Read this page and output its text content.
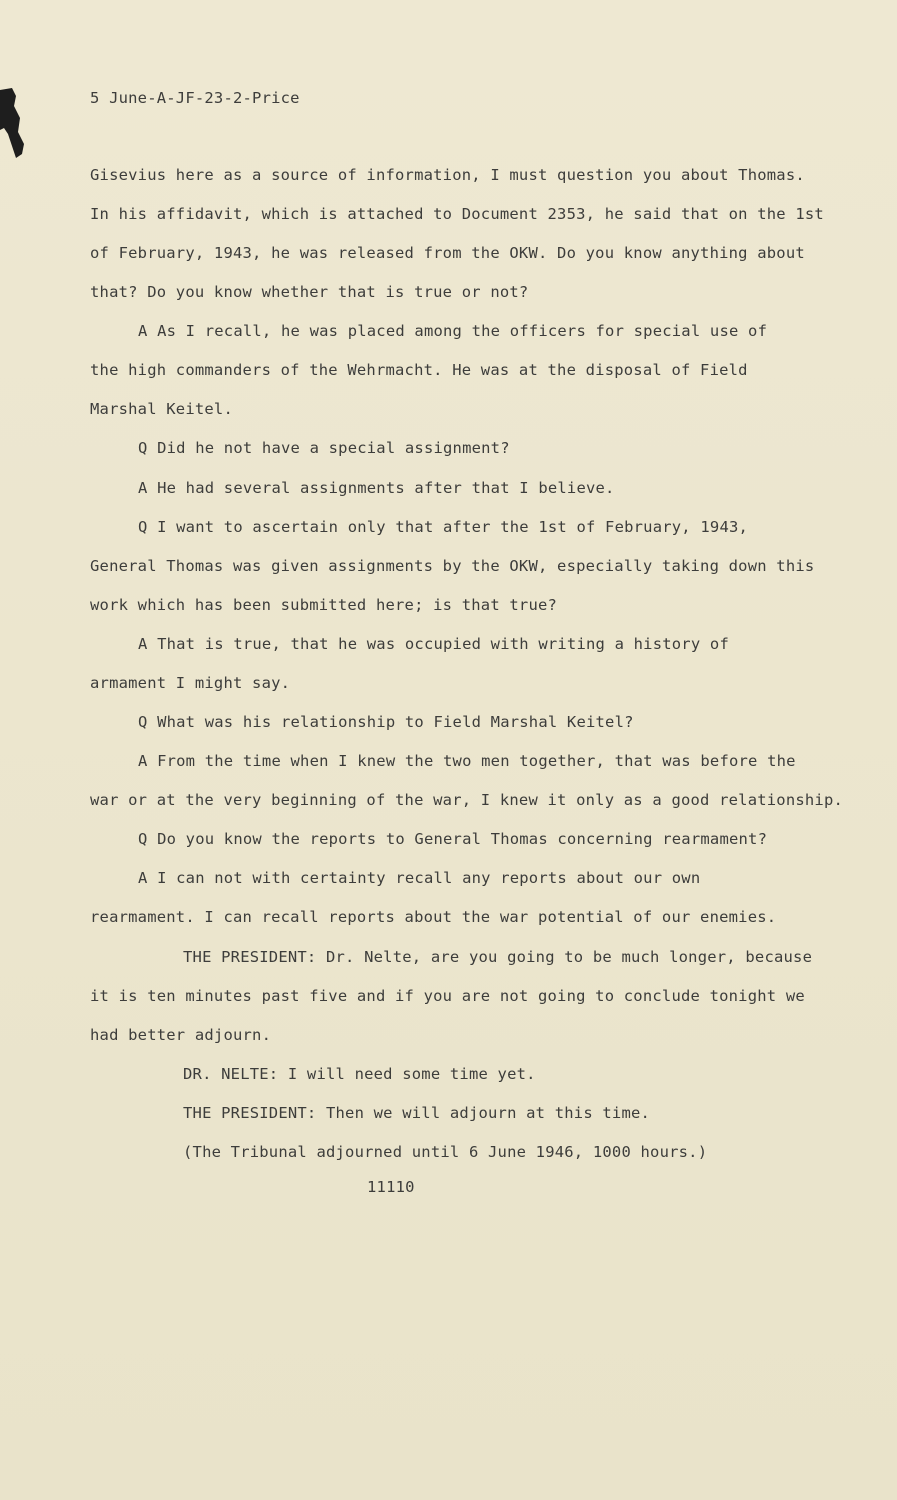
5 June-A-JF-23-2-Price
Gisevius here as a source of information, I must question you about Thomas.
In his affidavit, which is attached to Document 2353, he said that on the 1st
of February, 1943, he was released from the OKW. Do you know anything about
that? Do you know whether that is true or not?
A As I recall, he was placed among the officers for special use of
the high commanders of the Wehrmacht. He was at the disposal of Field
Marshal Keitel.
Q Did he not have a special assignment?
A He had several assignments after that I believe.
Q I want to ascertain only that after the 1st of February, 1943,
General Thomas was given assignments by the OKW, especially taking down this
work which has been submitted here; is that true?
A That is true, that he was occupied with writing a history of
armament I might say.
Q What was his relationship to Field Marshal Keitel?
A From the time when I knew the two men together, that was before the
war or at the very beginning of the war, I knew it only as a good relationship.
Q Do you know the reports to General Thomas concerning rearmament?
A I can not with certainty recall any reports about our own
rearmament. I can recall reports about the war potential of our enemies.
THE PRESIDENT: Dr. Nelte, are you going to be much longer, because
it is ten minutes past five and if you are not going to conclude tonight we
had better adjourn.
DR. NELTE: I will need some time yet.
THE PRESIDENT: Then we will adjourn at this time.
(The Tribunal adjourned until 6 June 1946, 1000 hours.)
11110
